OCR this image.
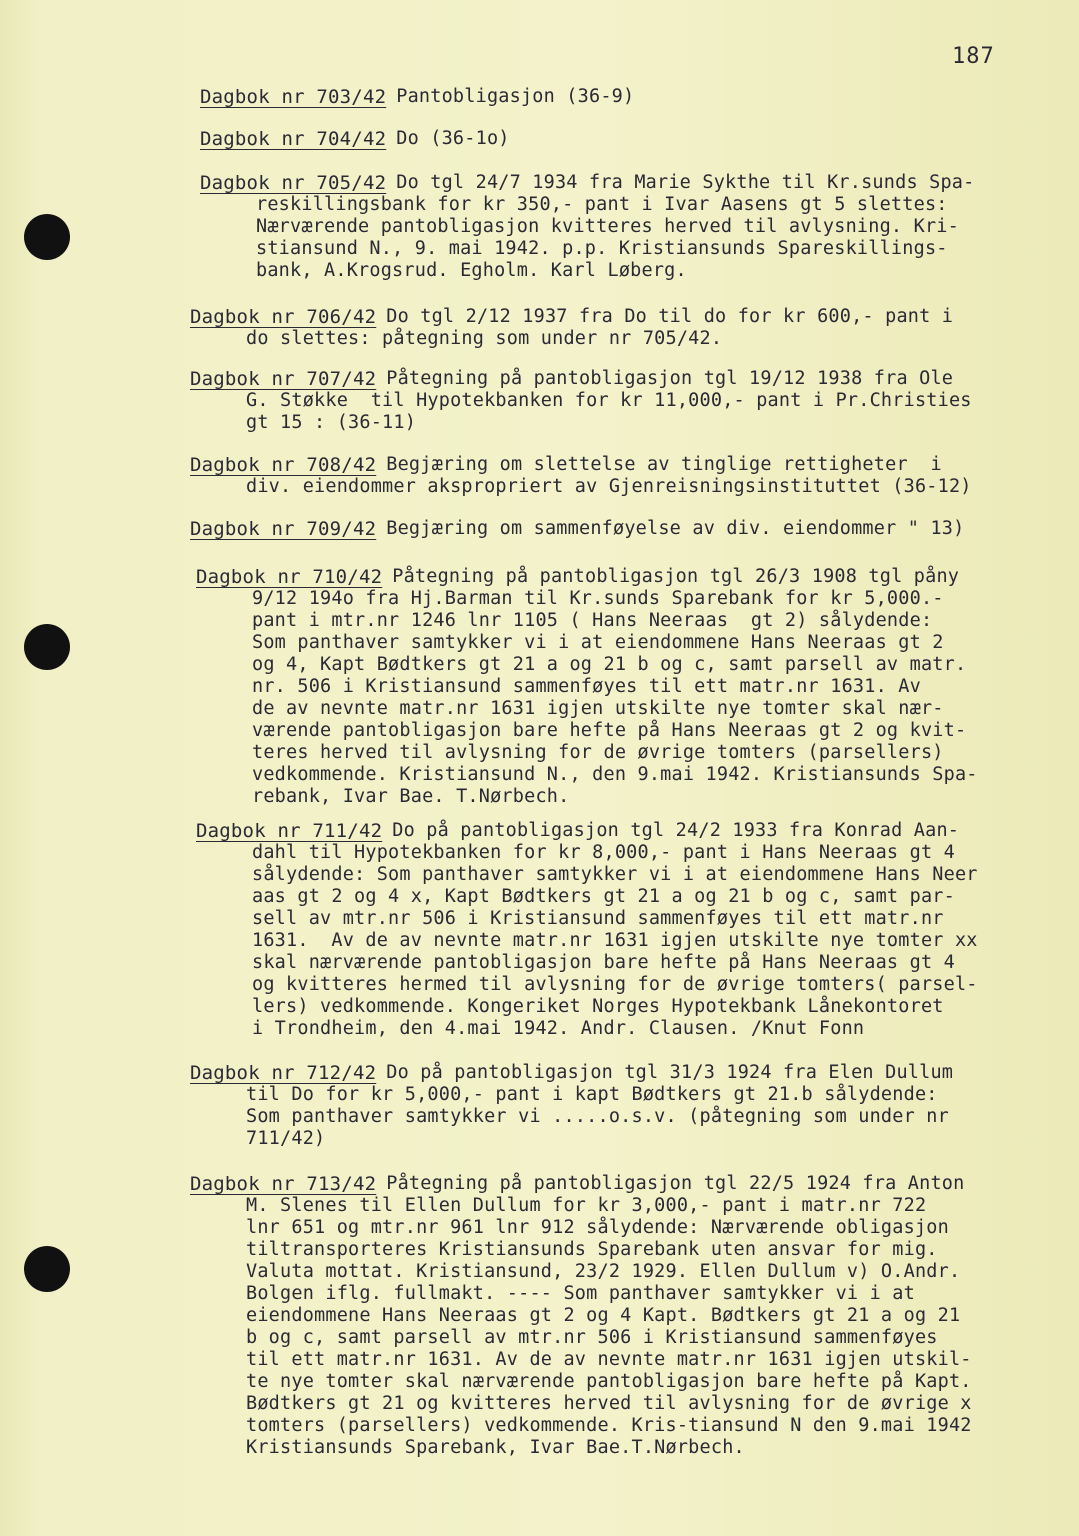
187
Dagbok nr 703/42 Pantobligasjon (36-9)
Dagbok nr 704/42 Do (36-1o)
Dagbok nr 705/42 Do tgl 24/7 1934 fra Marie Sykthe til Kr.sunds Spa-
reskillingsbank for kr 350,- pant i Ivar Aasens gt 5 slettes:
Nærværende pantobligasjon kvitteres herved til avlysning. Kri-
stiansund N., 9. mai 1942. p.p. Kristiansunds Spareskillings-
bank, A.Krogsrud. Egholm. Karl Løberg.
Dagbok nr 706/42 Do tgl 2/12 1937 fra Do til do for kr 600,- pant i
do slettes: påtegning som under nr 705/42.
Dagbok nr 707/42 Påtegning på pantobligasjon tgl 19/12 1938 fra Ole
G. Støkke  til Hypotekbanken for kr 11,000,- pant i Pr.Christies
gt 15 : (36-11)
Dagbok nr 708/42 Begjæring om slettelse av tinglige rettigheter  i
div. eiendommer akspropriert av Gjenreisningsinstituttet (36-12)
Dagbok nr 709/42 Begjæring om sammenføyelse av div. eiendommer " 13)
Dagbok nr 710/42 Påtegning på pantobligasjon tgl 26/3 1908 tgl påny
9/12 194o fra Hj.Barman til Kr.sunds Sparebank for kr 5,000.-
pant i mtr.nr 1246 lnr 1105 ( Hans Neeraas  gt 2) sålydende:
Som panthaver samtykker vi i at eiendommene Hans Neeraas gt 2
og 4, Kapt Bødtkers gt 21 a og 21 b og c, samt parsell av matr.
nr. 506 i Kristiansund sammenføyes til ett matr.nr 1631. Av
de av nevnte matr.nr 1631 igjen utskilte nye tomter skal nær-
værende pantobligasjon bare hefte på Hans Neeraas gt 2 og kvit-
teres herved til avlysning for de øvrige tomters (parsellers)
vedkommende. Kristiansund N., den 9.mai 1942. Kristiansunds Spa-
rebank, Ivar Bae. T.Nørbech.
Dagbok nr 711/42 Do på pantobligasjon tgl 24/2 1933 fra Konrad Aan-
dahl til Hypotekbanken for kr 8,000,- pant i Hans Neeraas gt 4
sålydende: Som panthaver samtykker vi i at eiendommene Hans Neer
aas gt 2 og 4 x, Kapt Bødtkers gt 21 a og 21 b og c, samt par-
sell av mtr.nr 506 i Kristiansund sammenføyes til ett matr.nr
1631.  Av de av nevnte matr.nr 1631 igjen utskilte nye tomter xx
skal nærværende pantobligasjon bare hefte på Hans Neeraas gt 4
og kvitteres hermed til avlysning for de øvrige tomters( parsel-
lers) vedkommende. Kongeriket Norges Hypotekbank Lånekontoret
i Trondheim, den 4.mai 1942. Andr. Clausen. /Knut Fonn
Dagbok nr 712/42 Do på pantobligasjon tgl 31/3 1924 fra Elen Dullum
til Do for kr 5,000,- pant i kapt Bødtkers gt 21.b sålydende:
Som panthaver samtykker vi .....o.s.v. (påtegning som under nr
711/42)
Dagbok nr 713/42 Påtegning på pantobligasjon tgl 22/5 1924 fra Anton
M. Slenes til Ellen Dullum for kr 3,000,- pant i matr.nr 722
lnr 651 og mtr.nr 961 lnr 912 sålydende: Nærværende obligasjon
tiltransporteres Kristiansunds Sparebank uten ansvar for mig.
Valuta mottat. Kristiansund, 23/2 1929. Ellen Dullum v) O.Andr.
Bolgen iflg. fullmakt. ---- Som panthaver samtykker vi i at
eiendommene Hans Neeraas gt 2 og 4 Kapt. Bødtkers gt 21 a og 21
b og c, samt parsell av mtr.nr 506 i Kristiansund sammenføyes
til ett matr.nr 1631. Av de av nevnte matr.nr 1631 igjen utskil-
te nye tomter skal nærværende pantobligasjon bare hefte på Kapt.
Bødtkers gt 21 og kvitteres herved til avlysning for de øvrige x
tomters (parsellers) vedkommende. Kris-tiansund N den 9.mai 1942
Kristiansunds Sparebank, Ivar Bae.T.Nørbech.
